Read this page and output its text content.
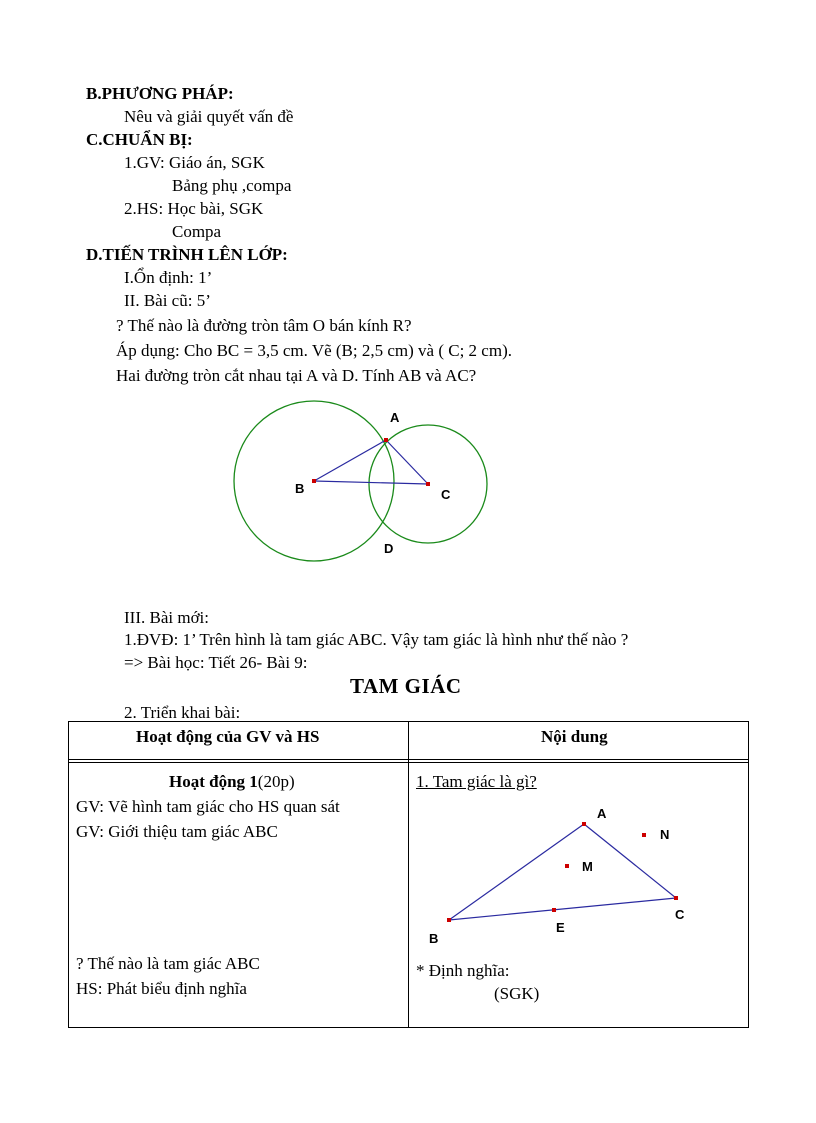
B.PHƯƠNG PHÁP:
Nêu và giải quyết vấn đề
C.CHUẨN BỊ:
1.GV: Giáo án, SGK
Bảng phụ ,compa
2.HS: Học bài, SGK
Compa
D.TIẾN TRÌNH LÊN LỚP:
I.Ổn định: 1’
II. Bài cũ: 5’
? Thế nào là đường tròn tâm O bán kính R?
Áp dụng: Cho BC = 3,5 cm. Vẽ (B; 2,5 cm) và ( C; 2 cm).
Hai đường tròn cắt nhau tại A và D. Tính AB và AC?
A
B	C
D
III. Bài mới:
1.ĐVĐ: 1’ Trên hình là tam giác ABC. Vậy tam giác là hình như thế nào ?
=> Bài học: Tiết 26- Bài 9:
TAM GIÁC
2. Triển khai bài:
Hoạt động của GV và HS	Nội dung
Hoạt động 1(20p)
GV: Vẽ hình tam giác cho HS quan sát
GV: Giới thiệu tam giác ABC
? Thế nào là tam giác ABC
HS: Phát biểu định nghĩa
1. Tam giác là gì?
* Định nghĩa:
(SGK)
A
B
C
E
M
N
